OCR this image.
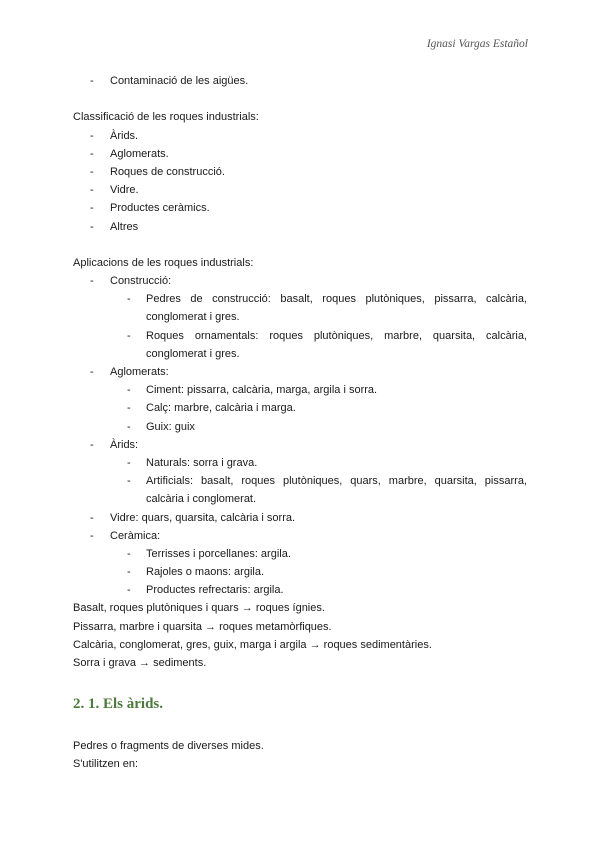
Ignasi Vargas Estañol
- Contaminació de les aigües.
Classificació de les roques industrials:
- Àrids.
- Aglomerats.
- Roques de construcció.
- Vidre.
- Productes ceràmics.
- Altres
Aplicacions de les roques industrials:
- Construcció:
- Pedres de construcció: basalt, roques plutòniques, pissarra, calcària,
conglomerat i gres.
- Roques ornamentals: roques plutòniques, marbre, quarsita, calcària,
conglomerat i gres.
- Aglomerats:
- Ciment: pissarra, calcària, marga, argila i sorra.
- Calç: marbre, calcària i marga.
- Guix: guix
- Àrids:
- Naturals: sorra i grava.
- Artificials: basalt, roques plutòniques, quars, marbre, quarsita, pissarra,
calcària i conglomerat.
- Vidre: quars, quarsita, calcària i sorra.
- Ceràmica:
- Terrisses i porcellanes: argila.
- Rajoles o maons: argila.
- Productes refrectaris: argila.
Basalt, roques plutòniques i quars → roques ígnies.
Pissarra, marbre i quarsita → roques metamòrfiques.
Calcària, conglomerat, gres, guix, marga i argila → roques sedimentàries.
Sorra i grava → sediments.
2. 1. Els àrids.
Pedres o fragments de diverses mides.
S'utilitzen en:
